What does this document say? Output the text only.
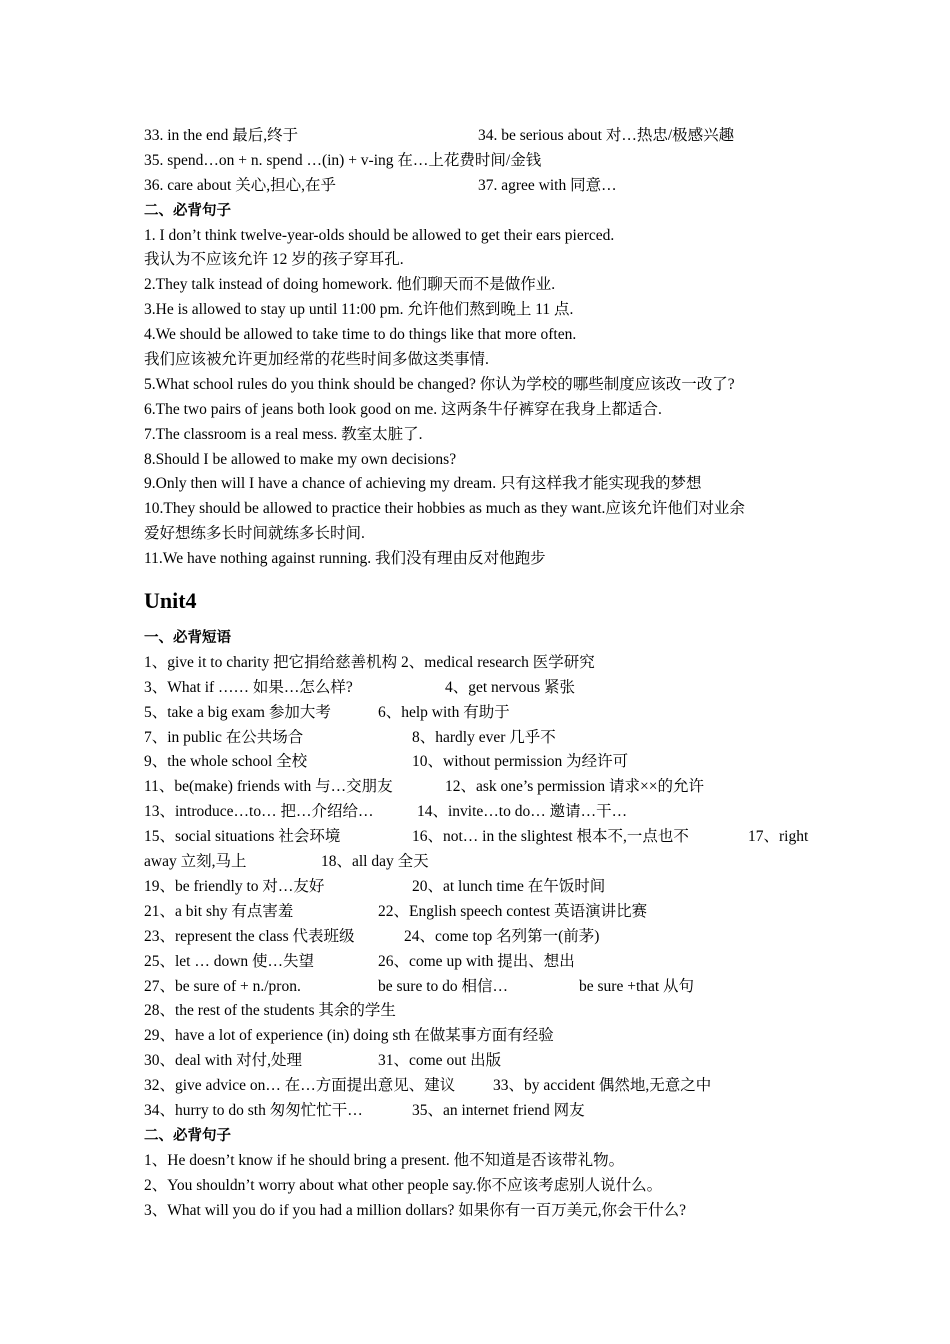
33. in the end 最后,终于	34. be serious about 对…热忠/极感兴趣
35. spend…on + n. spend …(in) + v-ing 在…上花费时间/金钱
36. care about 关心,担心,在乎	37. agree with 同意…
二、必背句子
1. I don’t think twelve-year-olds should be allowed to get their ears pierced.
我认为不应该允许 12 岁的孩子穿耳孔.
2.They talk instead of doing homework. 他们聊天而不是做作业.
3.He is allowed to stay up until 11:00 pm. 允许他们熬到晚上 11 点.
4.We should be allowed to take time to do things like that more often.
我们应该被允许更加经常的花些时间多做这类事情.
5.What school rules do you think should be changed? 你认为学校的哪些制度应该改一改了?
6.The two pairs of jeans both look good on me. 这两条牛仔裤穿在我身上都适合.
7.The classroom is a real mess. 教室太脏了.
8.Should I be allowed to make my own decisions?
9.Only then will I have a chance of achieving my dream. 只有这样我才能实现我的梦想
10.They should be allowed to practice their hobbies as much as they want.应该允许他们对业余
爱好想练多长时间就练多长时间.
11.We have nothing against running. 我们没有理由反对他跑步
Unit4
一、必背短语
1、give it to charity 把它捐给慈善机构 2、medical research 医学研究
3、What if …… 如果…怎么样?	4、get nervous 紧张
5、take a big exam 参加大考	6、help with 有助于
7、in public 在公共场合	8、hardly ever 几乎不
9、the whole school 全校	10、without permission 为经许可
11、be(make) friends with 与…交朋友	12、ask one’s permission 请求××的允许
13、introduce…to… 把…介绍给…	14、invite…to do… 邀请…干…
15、social situations 社会环境	16、not… in the slightest 根本不,一点也不	17、right
away 立刻,马上	18、all day 全天
19、be friendly to 对…友好	20、at lunch time 在午饭时间
21、a bit shy 有点害羞	22、English speech contest 英语演讲比赛
23、represent the class 代表班级	24、come top 名列第一(前茅)
25、let … down 使…失望	26、come up with 提出、想出
27、be sure of + n./pron.	be sure to do 相信…	be sure +that 从句
28、the rest of the students 其余的学生
29、have a lot of experience (in) doing sth 在做某事方面有经验
30、deal with 对付,处理	31、come out 出版
32、give advice on… 在…方面提出意见、建议 33、by accident 偶然地,无意之中
34、hurry to do sth 匆匆忙忙干…	35、an internet friend 网友
二、必背句子
1、He doesn’t know if he should bring a present. 他不知道是否该带礼物。
2、You shouldn’t worry about what other people say.你不应该考虑别人说什么。
3、What will you do if you had a million dollars? 如果你有一百万美元,你会干什么?
